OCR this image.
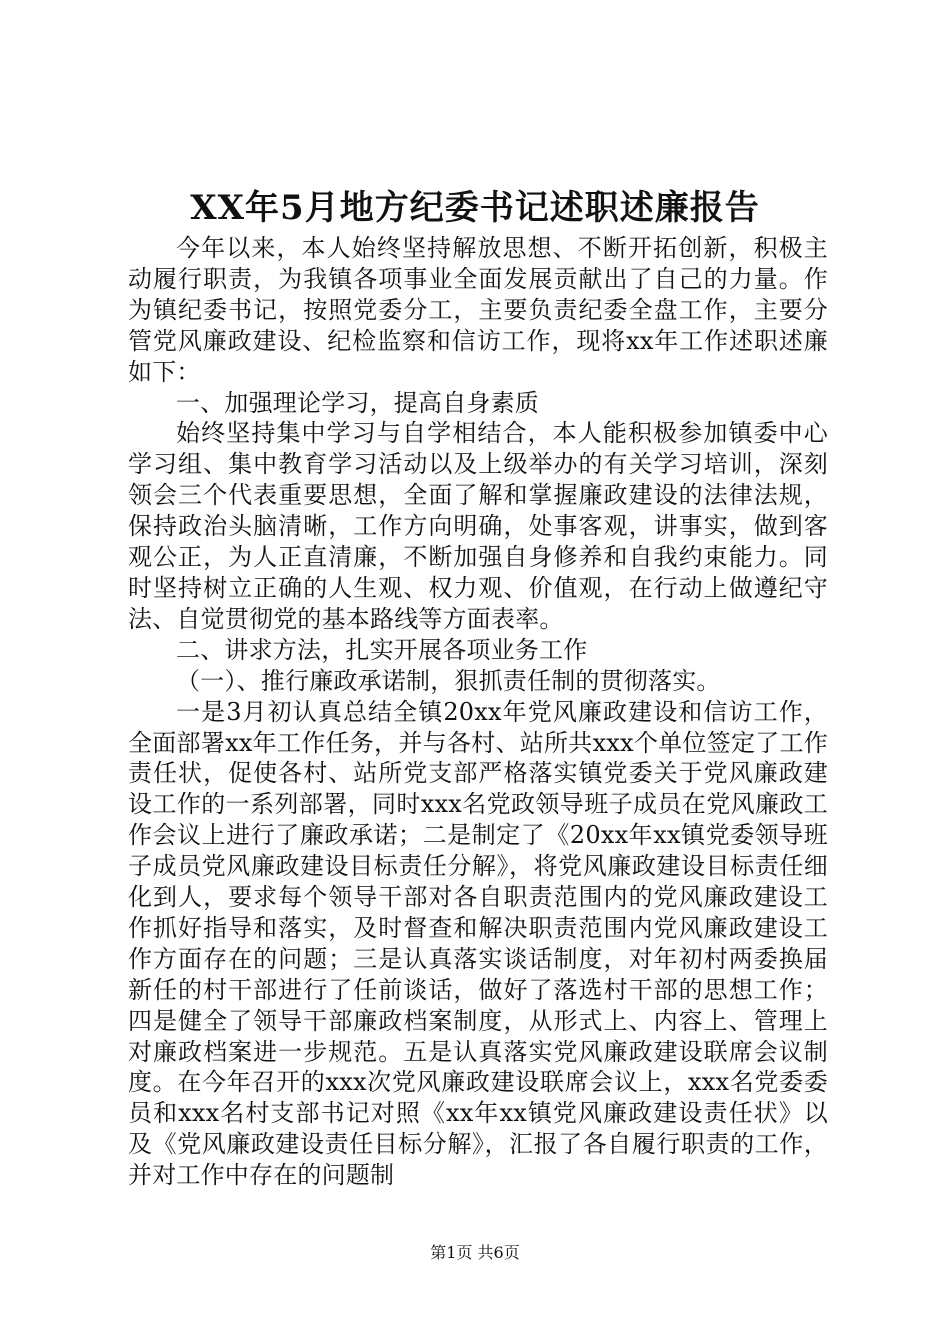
XX年5月地方纪委书记述职述廉报告

今年以来，本人始终坚持解放思想、不断开拓创新，积极主动履行职责，为我镇各项事业全面发展贡献出了自己的力量。作为镇纪委书记，按照党委分工，主要负责纪委全盘工作，主要分管党风廉政建设、纪检监察和信访工作，现将xx年工作述职述廉如下：

一、加强理论学习，提高自身素质

始终坚持集中学习与自学相结合，本人能积极参加镇委中心学习组、集中教育学习活动以及上级举办的有关学习培训，深刻领会三个代表重要思想，全面了解和掌握廉政建设的法律法规，保持政治头脑清晰，工作方向明确，处事客观，讲事实，做到客观公正，为人正直清廉，不断加强自身修养和自我约束能力。同时坚持树立正确的人生观、权力观、价值观，在行动上做遵纪守法、自觉贯彻党的基本路线等方面表率。

二、讲求方法，扎实开展各项业务工作

（一）、推行廉政承诺制，狠抓责任制的贯彻落实。

一是3月初认真总结全镇20xx年党风廉政建设和信访工作，全面部署xx年工作任务，并与各村、站所共xxx个单位签定了工作责任状，促使各村、站所党支部严格落实镇党委关于党风廉政建设工作的一系列部署，同时xxx名党政领导班子成员在党风廉政工作会议上进行了廉政承诺；二是制定了《20xx年xx镇党委领导班子成员党风廉政建设目标责任分解》，将党风廉政建设目标责任细化到人，要求每个领导干部对各自职责范围内的党风廉政建设工作抓好指导和落实，及时督查和解决职责范围内党风廉政建设工作方面存在的问题；三是认真落实谈话制度，对年初村两委换届新任的村干部进行了任前谈话，做好了落选村干部的思想工作；四是健全了领导干部廉政档案制度，从形式上、内容上、管理上对廉政档案进一步规范。五是认真落实党风廉政建设联席会议制度。在今年召开的xxx次党风廉政建设联席会议上，xxx名党委委员和xxx名村支部书记对照《xx年xx镇党风廉政建设责任状》以及《党风廉政建设责任目标分解》，汇报了各自履行职责的工作，并对工作中存在的问题制

第1页 共6页
